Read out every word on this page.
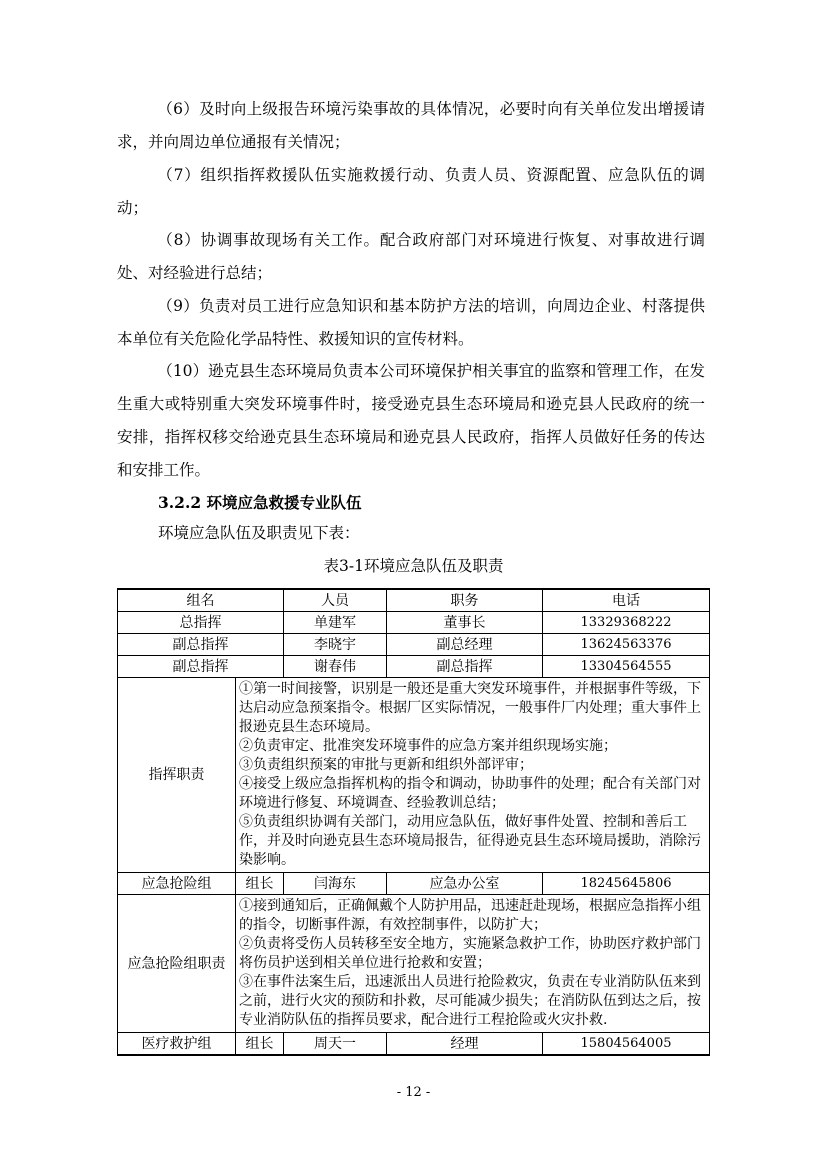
（6）及时向上级报告环境污染事故的具体情况，必要时向有关单位发出增援请求，并向周边单位通报有关情况；

（7）组织指挥救援队伍实施救援行动、负责人员、资源配置、应急队伍的调动；

（8）协调事故现场有关工作。配合政府部门对环境进行恢复、对事故进行调处、对经验进行总结；

（9）负责对员工进行应急知识和基本防护方法的培训，向周边企业、村落提供本单位有关危险化学品特性、救援知识的宣传材料。

（10）逊克县生态环境局负责本公司环境保护相关事宜的监察和管理工作，在发生重大或特别重大突发环境事件时，接受逊克县生态环境局和逊克县人民政府的统一安排，指挥权移交给逊克县生态环境局和逊克县人民政府，指挥人员做好任务的传达和安排工作。

3.2.2 环境应急救援专业队伍

环境应急队伍及职责见下表：

表3-1环境应急队伍及职责

组名		人员	职务	电话
总指挥		单建军	董事长	13329368222
副总指挥		李晓宇	副总经理	13624563376
副总指挥		谢春伟	副总指挥	13304564555
指挥职责	①第一时间接警，识别是一般还是重大突发环境事件，并根据事件等级，下达启动应急预案指令。根据厂区实际情况，一般事件厂内处理；重大事件上报逊克县生态环境局。
②负责审定、批准突发环境事件的应急方案并组织现场实施；
③负责组织预案的审批与更新和组织外部评审；
④接受上级应急指挥机构的指令和调动，协助事件的处理；配合有关部门对环境进行修复、环境调查、经验教训总结；
⑤负责组织协调有关部门，动用应急队伍，做好事件处置、控制和善后工作，并及时向逊克县生态环境局报告，征得逊克县生态环境局援助，消除污染影响。			

应急抢险组	组长	闫海东	应急办公室	18245645806
应急抢险组职责	①接到通知后，正确佩戴个人防护用品，迅速赶赴现场，根据应急指挥小组的指令，切断事件源，有效控制事件，以防扩大；
②负责将受伤人员转移至安全地方，实施紧急救护工作，协助医疗救护部门将伤员护送到相关单位进行抢救和安置；
③在事件法案生后，迅速派出人员进行抢险救灾，负责在专业消防队伍来到之前，进行火灾的预防和扑救，尽可能减少损失；在消防队伍到达之后，按专业消防队伍的指挥员要求，配合进行工程抢险或火灾扑救.			

医疗救护组	组长	周天一	经理	15804564005

- 12 -
